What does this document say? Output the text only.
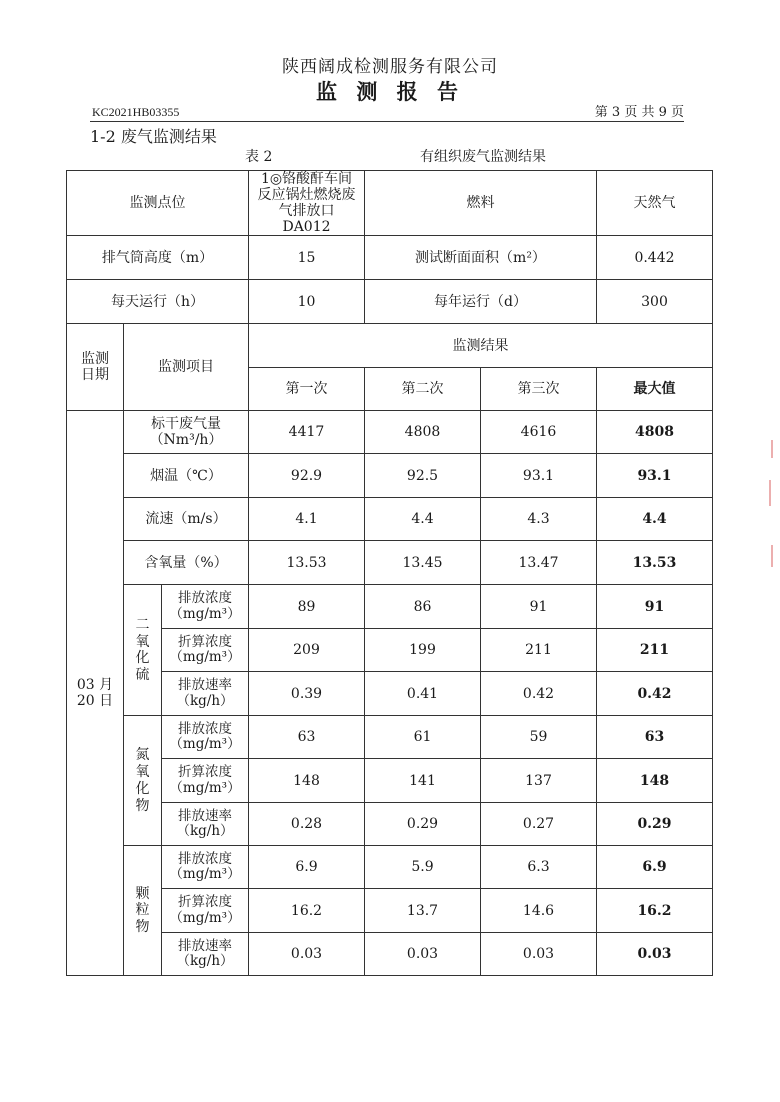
陕西阔成检测服务有限公司
监 测 报 告
KC2021HB03355	第 3 页 共 9 页
1-2 废气监测结果
表 2	有组织废气监测结果
监测点位			1◎铬酸酐车间反应锅灶燃烧废气排放口 DA012	燃料		天然气
排气筒高度（m）			15	测试断面面积（m²）		0.442
每天运行（h）			10	每年运行（d）		300
监测日期	监测项目		监测结果			
			第一次	第二次	第三次	最大值
03 月 20 日	标干废气量（Nm³/h）		4417	4808	4616	4808
	烟温（℃）		92.9	92.5	93.1	93.1
	流速（m/s）		4.1	4.4	4.3	4.4
	含氧量（%）		13.53	13.45	13.47	13.53
	二氧化硫	排放浓度（mg/m³）	89	86	91	91
		折算浓度（mg/m³）	209	199	211	211
		排放速率（kg/h）	0.39	0.41	0.42	0.42
	氮氧化物	排放浓度（mg/m³）	63	61	59	63
		折算浓度（mg/m³）	148	141	137	148
		排放速率（kg/h）	0.28	0.29	0.27	0.29
	颗粒物	排放浓度（mg/m³）	6.9	5.9	6.3	6.9
		折算浓度（mg/m³）	16.2	13.7	14.6	16.2
		排放速率（kg/h）	0.03	0.03	0.03	0.03
